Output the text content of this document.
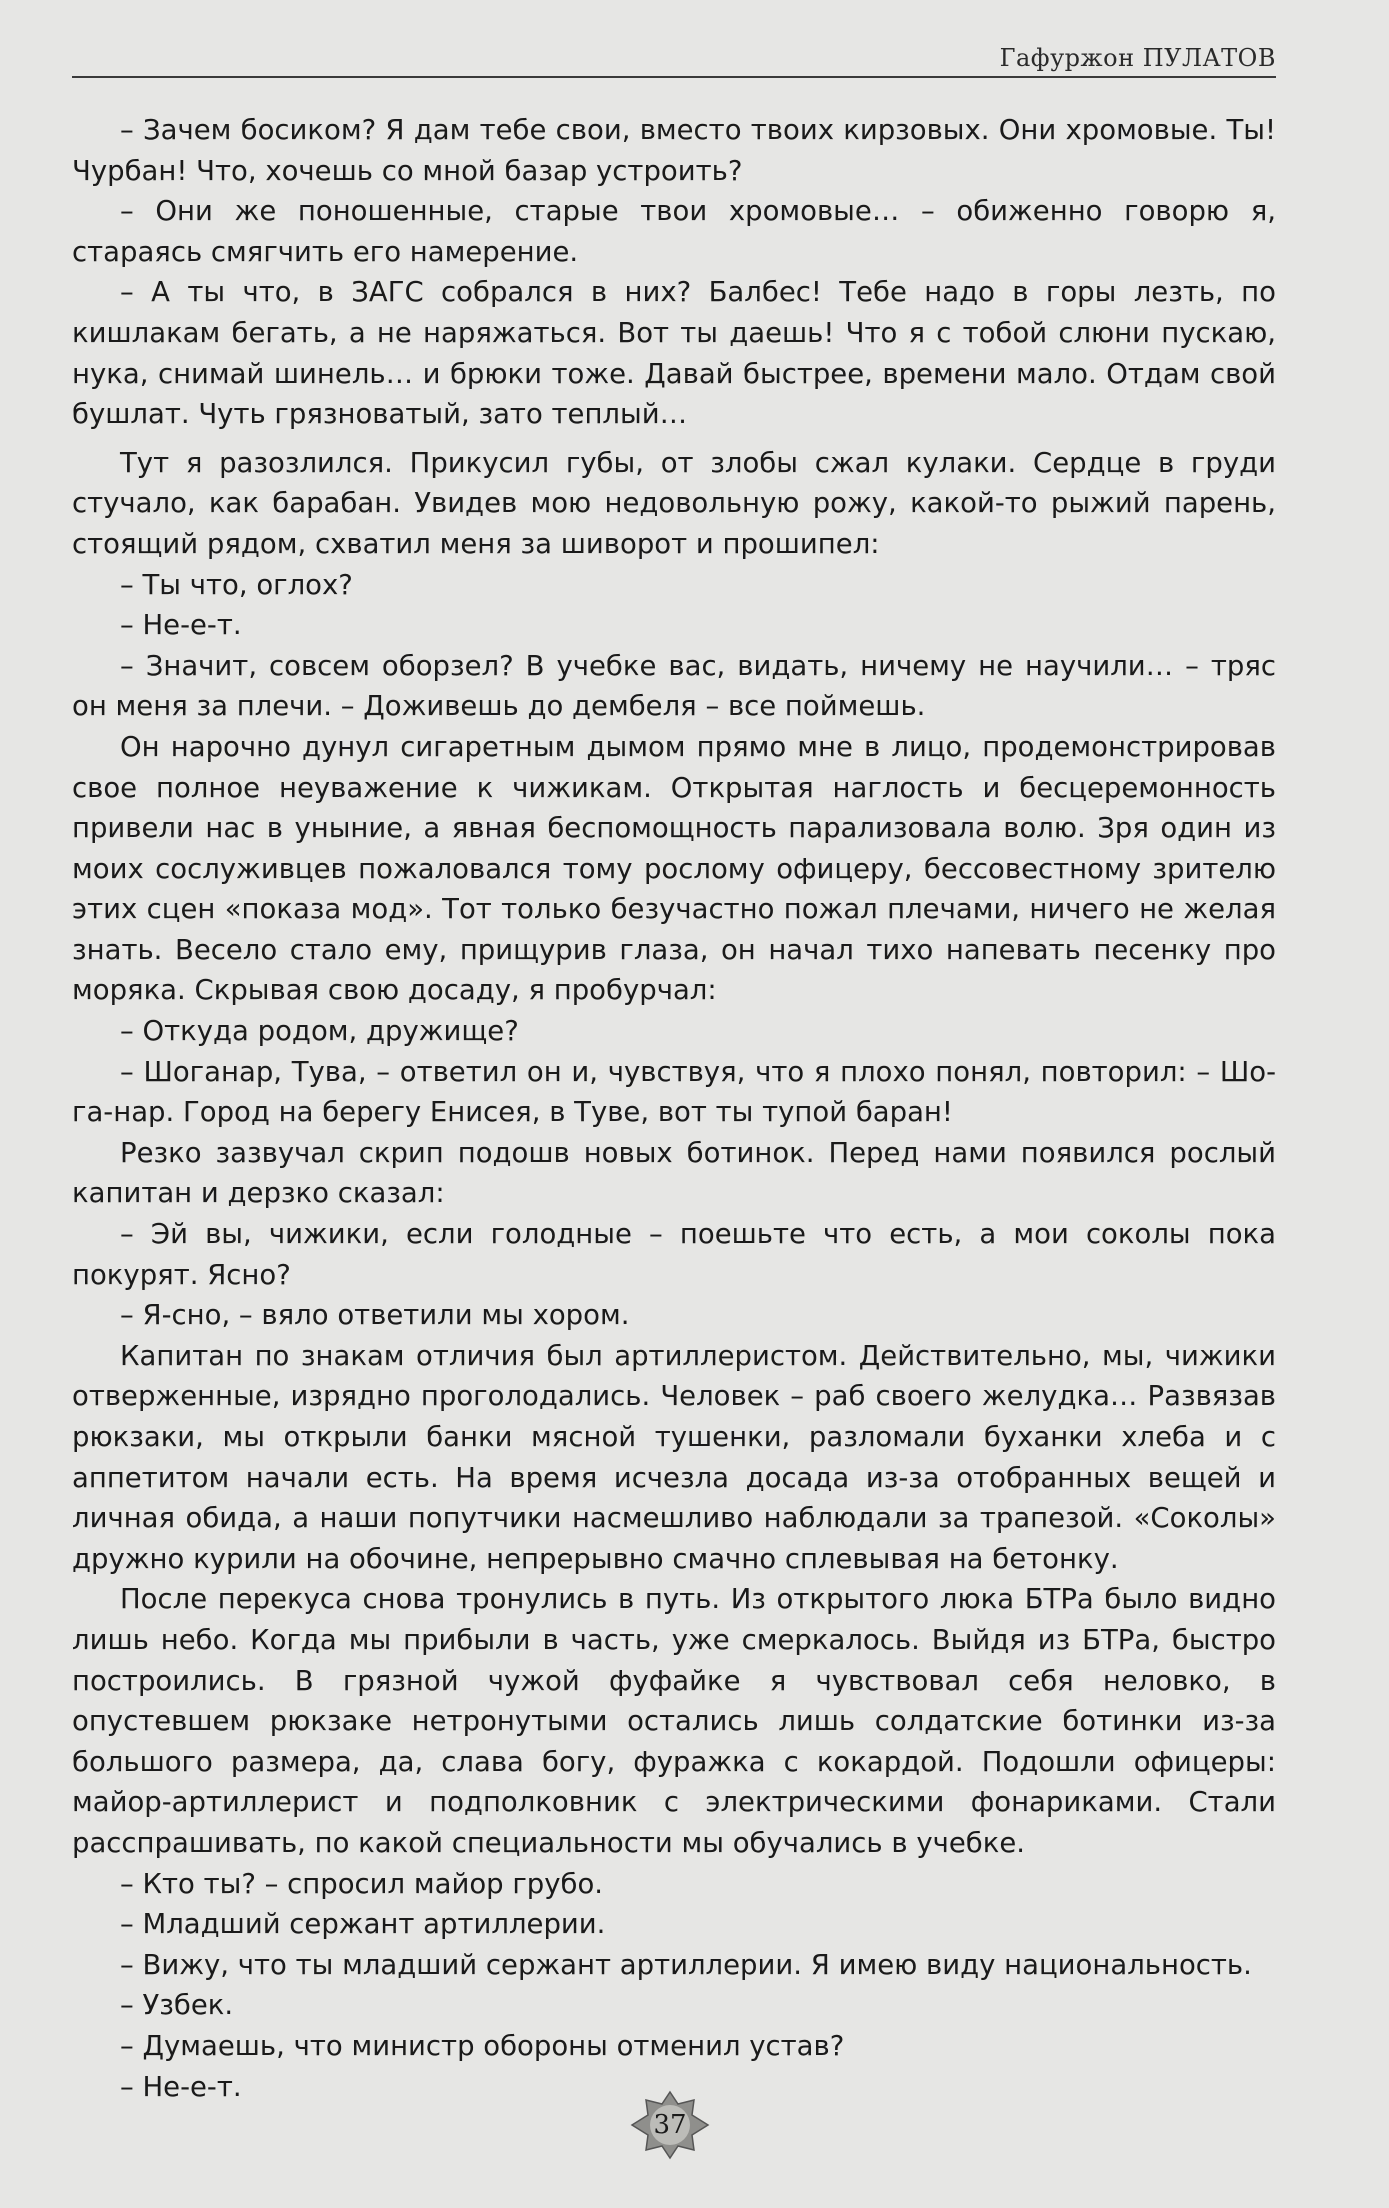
Гафуржон ПУЛАТОВ

– Зачем босиком? Я дам тебе свои, вместо твоих кирзовых. Они хромовые. Ты! Чурбан! Что, хочешь со мной базар устроить?

– Они же поношенные, старые твои хромовые… – обиженно говорю я, стараясь смягчить его намерение.

– А ты что, в ЗАГС собрался в них? Балбес! Тебе надо в горы лезть, по кишлакам бегать, а не наряжаться. Вот ты даешь! Что я с тобой слюни пускаю, нука, снимай шинель… и брюки тоже. Давай быстрее, времени мало. Отдам свой бушлат. Чуть грязноватый, зато теплый…

Тут я разозлился. Прикусил губы, от злобы сжал кулаки. Сердце в груди стучало, как барабан. Увидев мою недовольную рожу, какой-то рыжий парень, стоящий рядом, схватил меня за шиворот и прошипел:

– Ты что, оглох?

– Не-е-т.

– Значит, совсем оборзел? В учебке вас, видать, ничему не научили… – тряс он меня за плечи. – Доживешь до дембеля – все поймешь.

Он нарочно дунул сигаретным дымом прямо мне в лицо, продемонстрировав свое полное неуважение к чижикам. Открытая наглость и бесцеремонность привели нас в уныние, а явная беспомощность парализовала волю. Зря один из моих сослуживцев пожаловался тому рослому офицеру, бессовестному зрителю этих сцен «показа мод». Тот только безучастно пожал плечами, ничего не желая знать. Весело стало ему, прищурив глаза, он начал тихо напевать песенку про моряка. Скрывая свою досаду, я пробурчал:

– Откуда родом, дружище?

– Шоганар, Тува, – ответил он и, чувствуя, что я плохо понял, повторил: – Шо-га-нар. Город на берегу Енисея, в Туве, вот ты тупой баран!

Резко зазвучал скрип подошв новых ботинок. Перед нами появился рослый капитан и дерзко сказал:

– Эй вы, чижики, если голодные – поешьте что есть, а мои соколы пока покурят. Ясно?

– Я-сно, – вяло ответили мы хором.

Капитан по знакам отличия был артиллеристом. Действительно, мы, чижики отверженные, изрядно проголодались. Человек – раб своего желудка… Развязав рюкзаки, мы открыли банки мясной тушенки, разломали буханки хлеба и с аппетитом начали есть. На время исчезла досада из-за отобранных вещей и личная обида, а наши попутчики насмешливо наблюдали за трапезой. «Соколы» дружно курили на обочине, непрерывно смачно сплевывая на бетонку.

После перекуса снова тронулись в путь. Из открытого люка БТРа было видно лишь небо. Когда мы прибыли в часть, уже смеркалось. Выйдя из БТРа, быстро построились. В грязной чужой фуфайке я чувствовал себя неловко, в опустевшем рюкзаке нетронутыми остались лишь солдатские ботинки из-за большого размера, да, слава богу, фуражка с кокардой. Подошли офицеры: майор-артиллерист и подполковник с электрическими фонариками. Стали расспрашивать, по какой специальности мы обучались в учебке.

– Кто ты? – спросил майор грубо.

– Младший сержант артиллерии.

– Вижу, что ты младший сержант артиллерии. Я имею виду национальность.

– Узбек.

– Думаешь, что министр обороны отменил устав?

– Не-е-т.

37
